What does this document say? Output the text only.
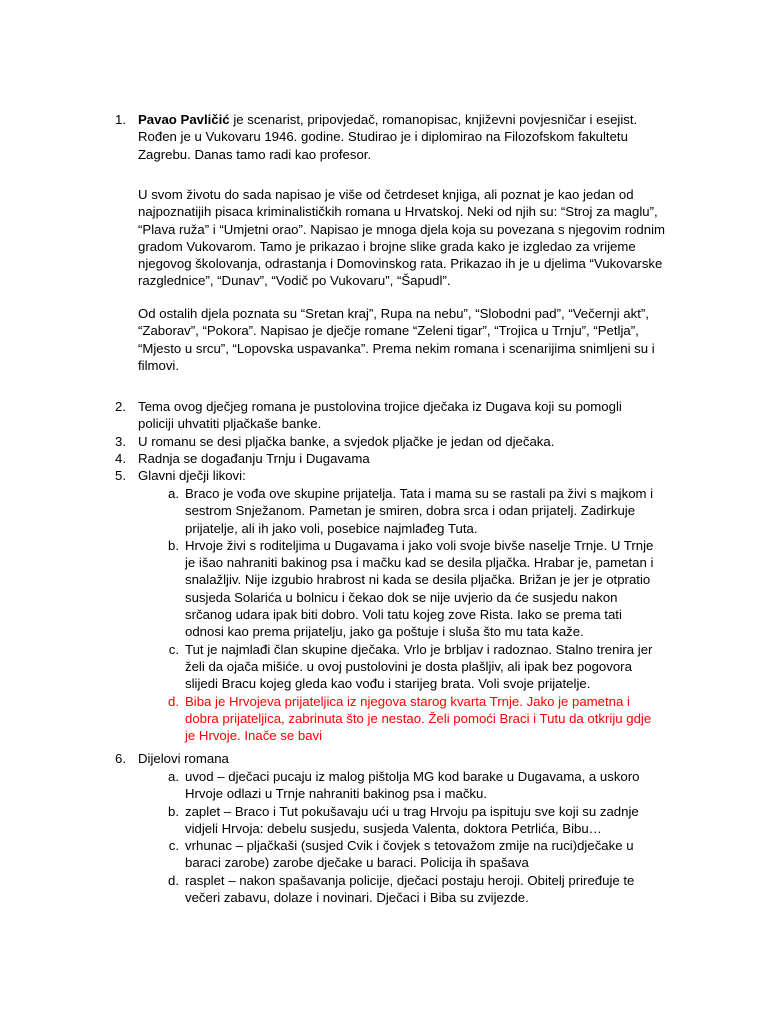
1. Pavao Pavličić je scenarist, pripovjedač, romanopisac, književni povjesničar i esejist. Rođen je u Vukovaru 1946. godine. Studirao je i diplomirao na Filozofskom fakultetu Zagrebu. Danas tamo radi kao profesor.

U svom životu do sada napisao je više od četrdeset knjiga, ali poznat je kao jedan od najpoznatijih pisaca kriminalističkih romana u Hrvatskoj. Neki od njih su: “Stroj za maglu”, “Plava ruža” i “Umjetni orao”. Napisao je mnoga djela koja su povezana s njegovim rodnim gradom Vukovarom. Tamo je prikazao i brojne slike grada kako je izgledao za vrijeme njegovog školovanja, odrastanja i Domovinskog rata. Prikazao ih je u djelima “Vukovarske razglednice”, “Dunav”, “Vodič po Vukovaru”, “Šapudl”.

Od ostalih djela poznata su “Sretan kraj”, Rupa na nebu”, “Slobodni pad”, “Večernji akt”, “Zaborav”, “Pokora”. Napisao je dječje romane “Zeleni tigar”, “Trojica u Trnju”, “Petlja”, “Mjesto u srcu”, “Lopovska uspavanka”. Prema nekim romana i scenarijima snimljeni su i filmovi.

2. Tema ovog dječjeg romana je pustolovina trojice dječaka iz Dugava koji su pomogli policiji uhvatiti pljačkaše banke.

3. U romanu se desi pljačka banke, a svjedok pljačke je jedan od dječaka.

4. Radnja se događanju Trnju i Dugavama

5. Glavni dječji likovi:

a. Braco je vođa ove skupine prijatelja. Tata i mama su se rastali pa živi s majkom i sestrom Snježanom. Pametan je smiren, dobra srca i odan prijatelj. Zadirkuje prijatelje, ali ih jako voli, posebice najmlađeg Tuta.
b. Hrvoje živi s roditeljima u Dugavama i jako voli svoje bivše naselje Trnje. U Trnje je išao nahraniti bakinog psa i mačku kad se desila pljačka. Hrabar je, pametan i snalažljiv. Nije izgubio hrabrost ni kada se desila pljačka. Brižan je jer je otpratio susjeda Solarića u bolnicu i čekao dok se nije uvjerio da će susjedu nakon srčanog udara ipak biti dobro. Voli tatu kojeg zove Rista. Iako se prema tati odnosi kao prema prijatelju, jako ga poštuje i sluša što mu tata kaže.
c. Tut je najmlađi član skupine dječaka. Vrlo je brbljav i radoznao. Stalno trenira jer želi da ojača mišiće. u ovoj pustolovini je dosta plašljiv, ali ipak bez pogovora slijedi Bracu kojeg gleda kao vođu i starijeg brata. Voli svoje prijatelje.
d. Biba je Hrvojeva prijateljica iz njegova starog kvarta Trnje. Jako je pametna i dobra prijateljica, zabrinuta što je nestao. Želi pomoći Braci i Tutu da otkriju gdje je Hrvoje. Inače se bavi
6. Dijelovi romana

a. uvod – dječaci pucaju iz malog pištolja MG kod barake u Dugavama, a uskoro Hrvoje odlazi u Trnje nahraniti bakinog psa i mačku.
b. zaplet – Braco i Tut pokušavaju ući u trag Hrvoju pa ispituju sve koji su zadnje vidjeli Hrvoja: debelu susjedu, susjeda Valenta, doktora Petrlića, Bibu…
c. vrhunac – pljačkaši (susjed Cvik i čovjek s tetovažom zmije na ruci)dječake u baraci zarobe) zarobe dječake u baraci. Policija ih spašava
d. rasplet – nakon spašavanja policije, dječaci postaju heroji. Obitelj priređuje te večeri zabavu, dolaze i novinari. Dječaci i Biba su zvijezde.
